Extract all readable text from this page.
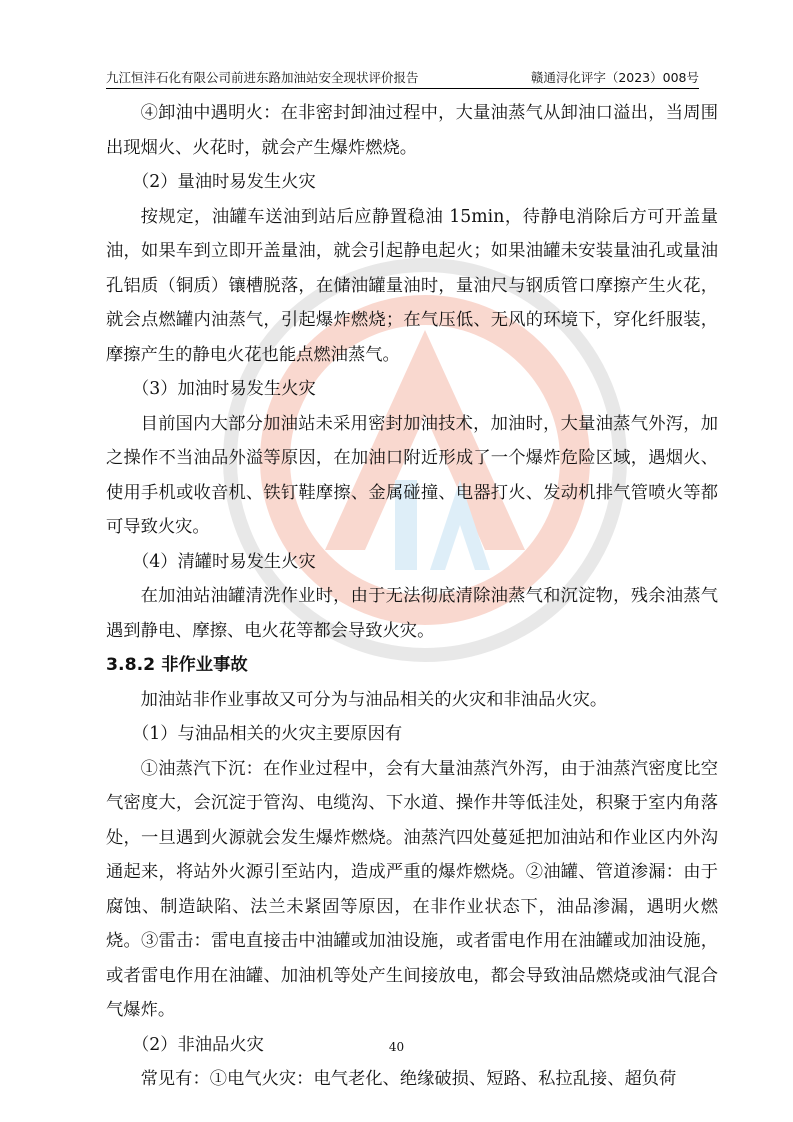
九江恒沣石化有限公司前进东路加油站安全现状评价报告	赣通浔化评字（2023）008号

④卸油中遇明火：在非密封卸油过程中，大量油蒸气从卸油口溢出，当周围出现烟火、火花时，就会产生爆炸燃烧。

（2）量油时易发生火灾

按规定，油罐车送油到站后应静置稳油 15min，待静电消除后方可开盖量油，如果车到立即开盖量油，就会引起静电起火；如果油罐未安装量油孔或量油孔铝质（铜质）镶槽脱落，在储油罐量油时，量油尺与钢质管口摩擦产生火花，就会点燃罐内油蒸气，引起爆炸燃烧；在气压低、无风的环境下，穿化纤服装，摩擦产生的静电火花也能点燃油蒸气。

（3）加油时易发生火灾

目前国内大部分加油站未采用密封加油技术，加油时，大量油蒸气外泻，加之操作不当油品外溢等原因，在加油口附近形成了一个爆炸危险区域，遇烟火、使用手机或收音机、铁钉鞋摩擦、金属碰撞、电器打火、发动机排气管喷火等都可导致火灾。

（4）清罐时易发生火灾

在加油站油罐清洗作业时，由于无法彻底清除油蒸气和沉淀物，残余油蒸气遇到静电、摩擦、电火花等都会导致火灾。

3.8.2 非作业事故

加油站非作业事故又可分为与油品相关的火灾和非油品火灾。

（1）与油品相关的火灾主要原因有

①油蒸汽下沉：在作业过程中，会有大量油蒸汽外泻，由于油蒸汽密度比空气密度大，会沉淀于管沟、电缆沟、下水道、操作井等低洼处，积聚于室内角落处，一旦遇到火源就会发生爆炸燃烧。油蒸汽四处蔓延把加油站和作业区内外沟通起来，将站外火源引至站内，造成严重的爆炸燃烧。②油罐、管道渗漏：由于腐蚀、制造缺陷、法兰未紧固等原因，在非作业状态下，油品渗漏，遇明火燃烧。③雷击：雷电直接击中油罐或加油设施，或者雷电作用在油罐或加油设施，或者雷电作用在油罐、加油机等处产生间接放电，都会导致油品燃烧或油气混合气爆炸。

（2）非油品火灾

常见有：①电气火灾：电气老化、绝缘破损、短路、私拉乱接、超负荷

40
